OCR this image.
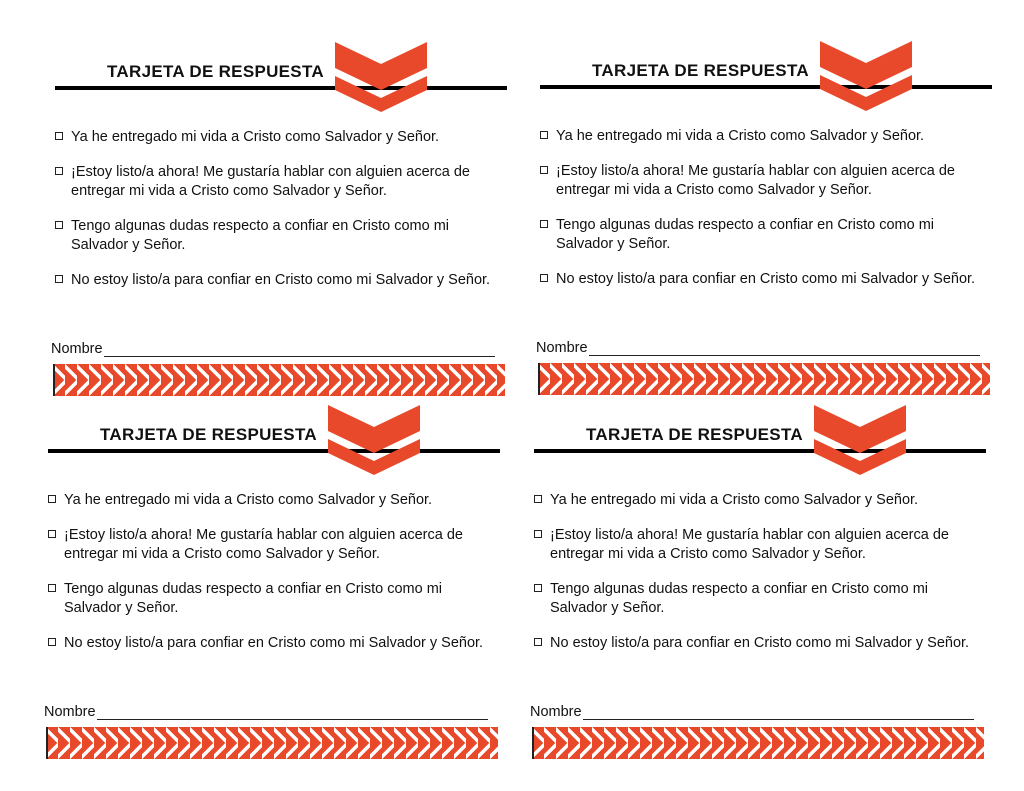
TARJETA DE RESPUESTA
Ya he entregado mi vida a Cristo como Salvador y Señor.
¡Estoy listo/a ahora! Me gustaría hablar con alguien acerca de entregar mi vida a Cristo como Salvador y Señor.
Tengo algunas dudas respecto a confiar en Cristo como mi Salvador y Señor.
No estoy listo/a para confiar en Cristo como mi Salvador y Señor.
Nombre
TARJETA DE RESPUESTA
Ya he entregado mi vida a Cristo como Salvador y Señor.
¡Estoy listo/a ahora! Me gustaría hablar con alguien acerca de entregar mi vida a Cristo como Salvador y Señor.
Tengo algunas dudas respecto a confiar en Cristo como mi Salvador y Señor.
No estoy listo/a para confiar en Cristo como mi Salvador y Señor.
Nombre
TARJETA DE RESPUESTA
Ya he entregado mi vida a Cristo como Salvador y Señor.
¡Estoy listo/a ahora! Me gustaría hablar con alguien acerca de entregar mi vida a Cristo como Salvador y Señor.
Tengo algunas dudas respecto a confiar en Cristo como mi Salvador y Señor.
No estoy listo/a para confiar en Cristo como mi Salvador y Señor.
Nombre
TARJETA DE RESPUESTA
Ya he entregado mi vida a Cristo como Salvador y Señor.
¡Estoy listo/a ahora! Me gustaría hablar con alguien acerca de entregar mi vida a Cristo como Salvador y Señor.
Tengo algunas dudas respecto a confiar en Cristo como mi Salvador y Señor.
No estoy listo/a para confiar en Cristo como mi Salvador y Señor.
Nombre
